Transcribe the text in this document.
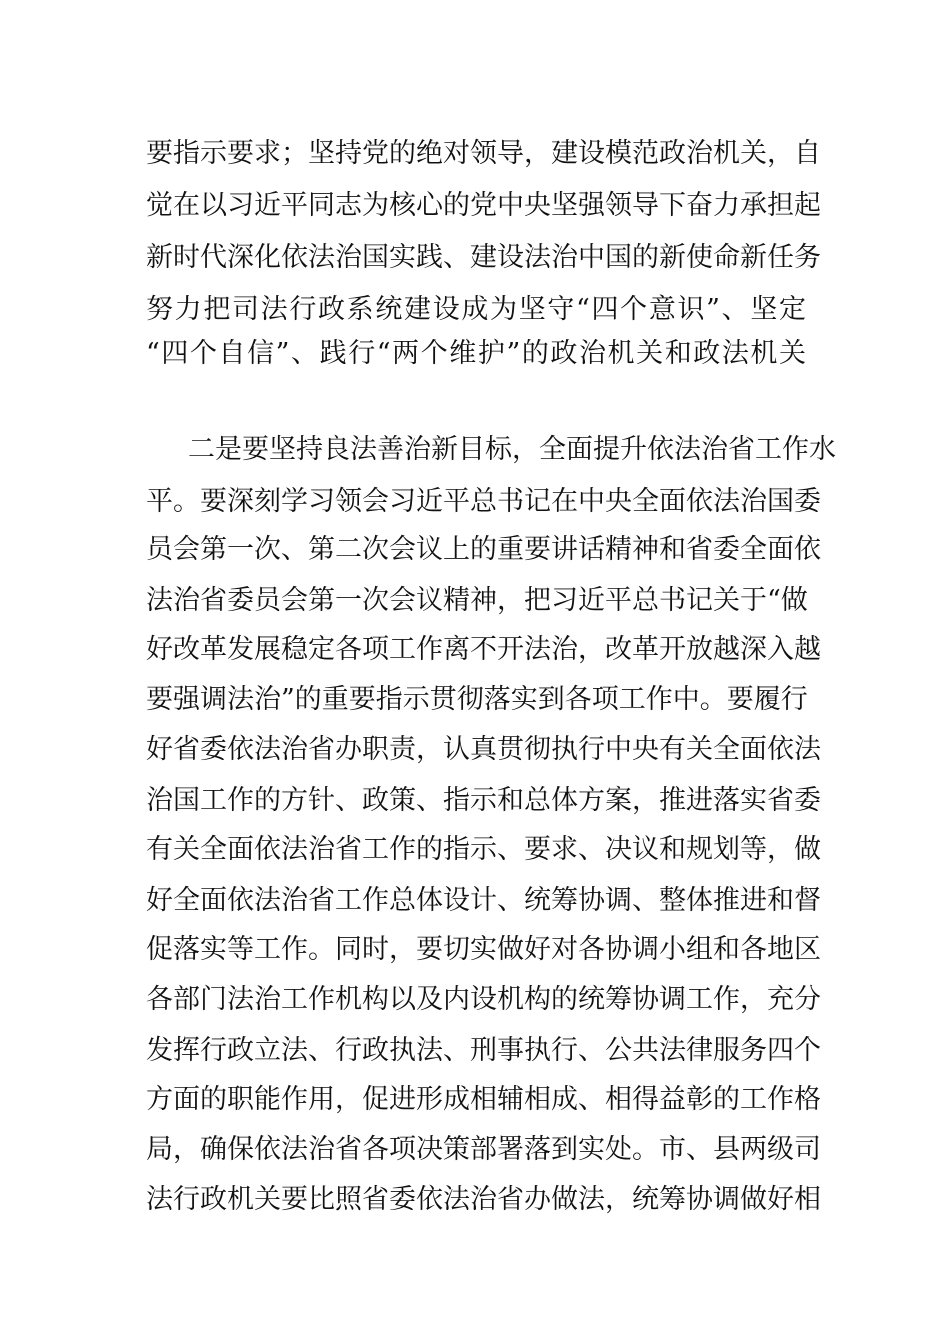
要指示要求；坚持党的绝对领导，建设模范政治机关，自
觉在以习近平同志为核心的党中央坚强领导下奋力承担起
新时代深化依法治国实践、建设法治中国的新使命新任务
努力把司法行政系统建设成为坚守“四个意识”、坚定
“四个自信”、践行“两个维护”的政治机关和政法机关
二是要坚持良法善治新目标，全面提升依法治省工作水
平。要深刻学习领会习近平总书记在中央全面依法治国委
员会第一次、第二次会议上的重要讲话精神和省委全面依
法治省委员会第一次会议精神，把习近平总书记关于“做
好改革发展稳定各项工作离不开法治，改革开放越深入越
要强调法治”的重要指示贯彻落实到各项工作中。要履行
好省委依法治省办职责，认真贯彻执行中央有关全面依法
治国工作的方针、政策、指示和总体方案，推进落实省委
有关全面依法治省工作的指示、要求、决议和规划等，做
好全面依法治省工作总体设计、统筹协调、整体推进和督
促落实等工作。同时，要切实做好对各协调小组和各地区
各部门法治工作机构以及内设机构的统筹协调工作，充分
发挥行政立法、行政执法、刑事执行、公共法律服务四个
方面的职能作用，促进形成相辅相成、相得益彰的工作格
局，确保依法治省各项决策部署落到实处。市、县两级司
法行政机关要比照省委依法治省办做法，统筹协调做好相
